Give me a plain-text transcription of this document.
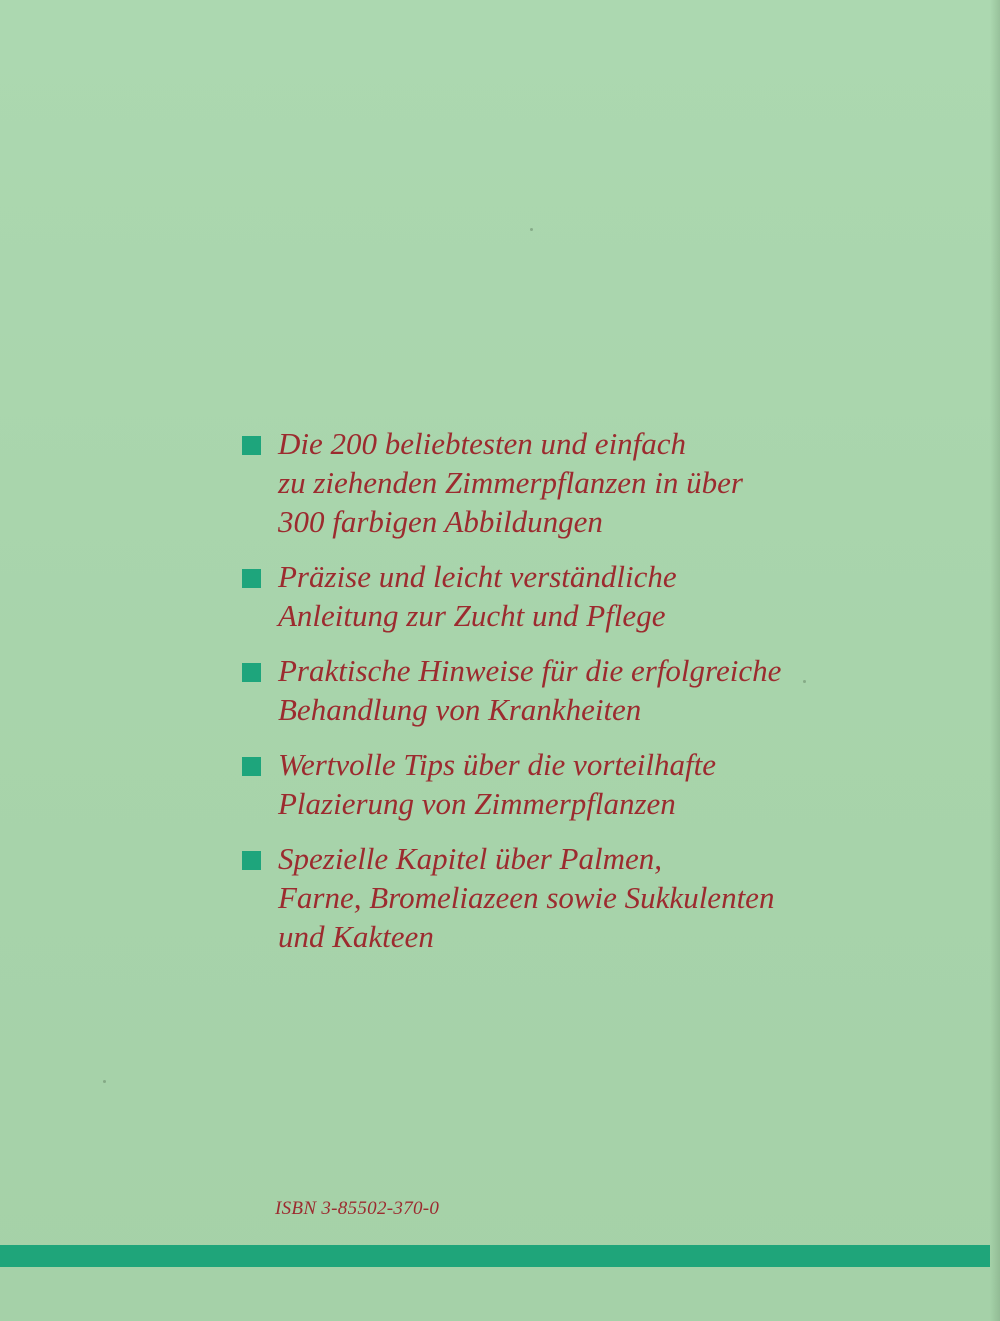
Die 200 beliebtesten und einfach
zu ziehenden Zimmerpflanzen in über
300 farbigen Abbildungen
Präzise und leicht verständliche
Anleitung zur Zucht und Pflege
Praktische Hinweise für die erfolgreiche
Behandlung von Krankheiten
Wertvolle Tips über die vorteilhafte
Plazierung von Zimmerpflanzen
Spezielle Kapitel über Palmen,
Farne, Bromeliazeen sowie Sukkulenten
und Kakteen
ISBN 3-85502-370-0
